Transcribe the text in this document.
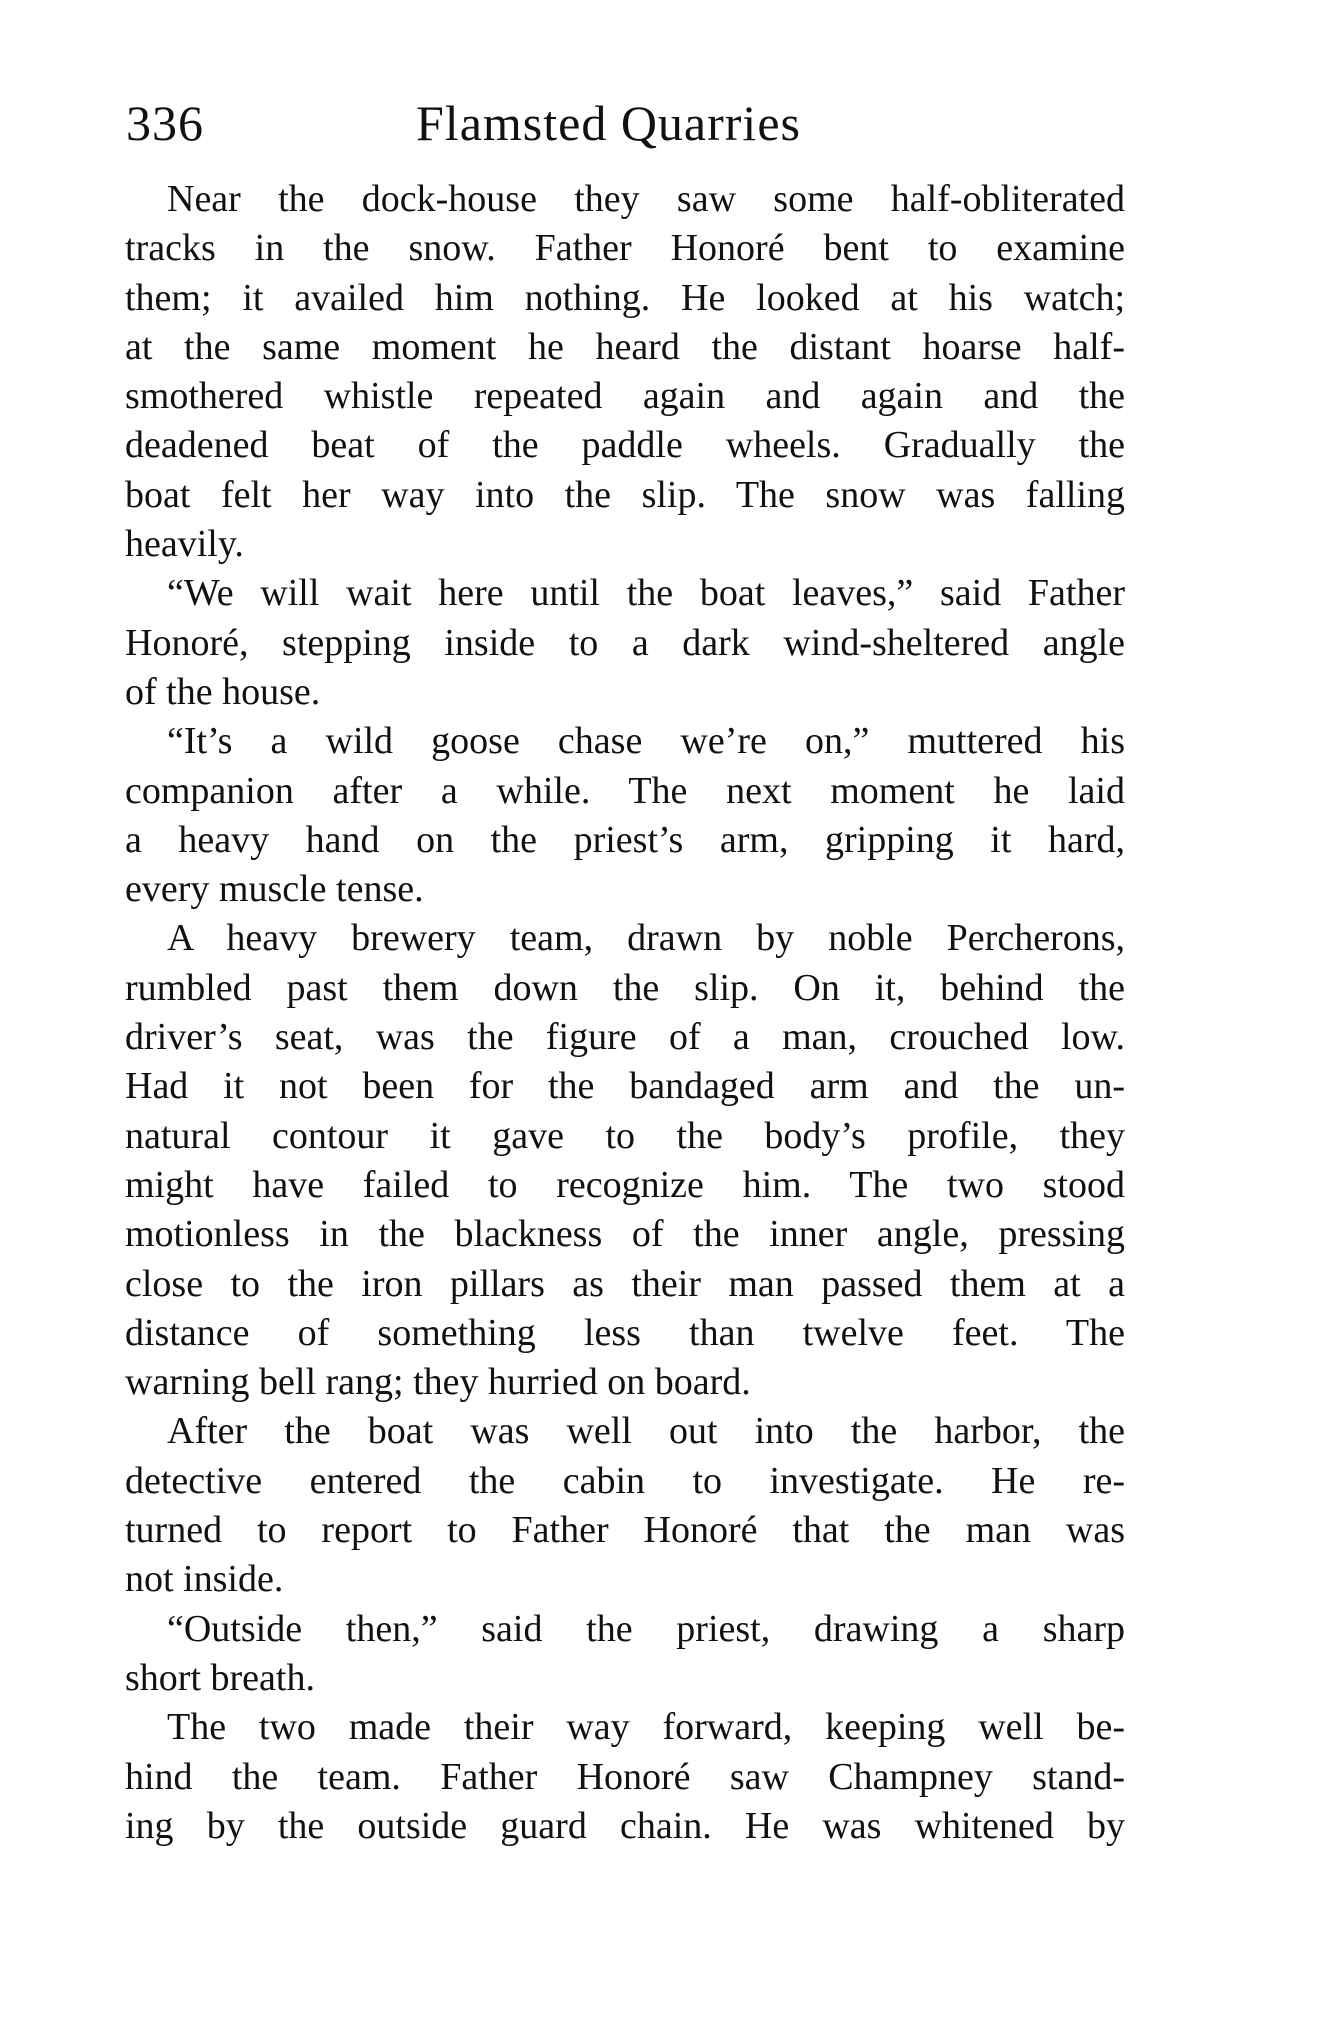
336	Flamsted Quarries
Near the dock-house they saw some half-obliterated
tracks in the snow. Father Honoré bent to examine
them; it availed him nothing. He looked at his watch;
at the same moment he heard the distant hoarse half-
smothered whistle repeated again and again and the
deadened beat of the paddle wheels. Gradually the
boat felt her way into the slip. The snow was falling
heavily.
“We will wait here until the boat leaves,” said Father
Honoré, stepping inside to a dark wind-sheltered angle
of the house.
“It’s a wild goose chase we’re on,” muttered his
companion after a while. The next moment he laid
a heavy hand on the priest’s arm, gripping it hard,
every muscle tense.
A heavy brewery team, drawn by noble Percherons,
rumbled past them down the slip. On it, behind the
driver’s seat, was the figure of a man, crouched low.
Had it not been for the bandaged arm and the un-
natural contour it gave to the body’s profile, they
might have failed to recognize him. The two stood
motionless in the blackness of the inner angle, pressing
close to the iron pillars as their man passed them at a
distance of something less than twelve feet. The
warning bell rang; they hurried on board.
After the boat was well out into the harbor, the
detective entered the cabin to investigate. He re-
turned to report to Father Honoré that the man was
not inside.
“Outside then,” said the priest, drawing a sharp
short breath.
The two made their way forward, keeping well be-
hind the team. Father Honoré saw Champney stand-
ing by the outside guard chain. He was whitened by
